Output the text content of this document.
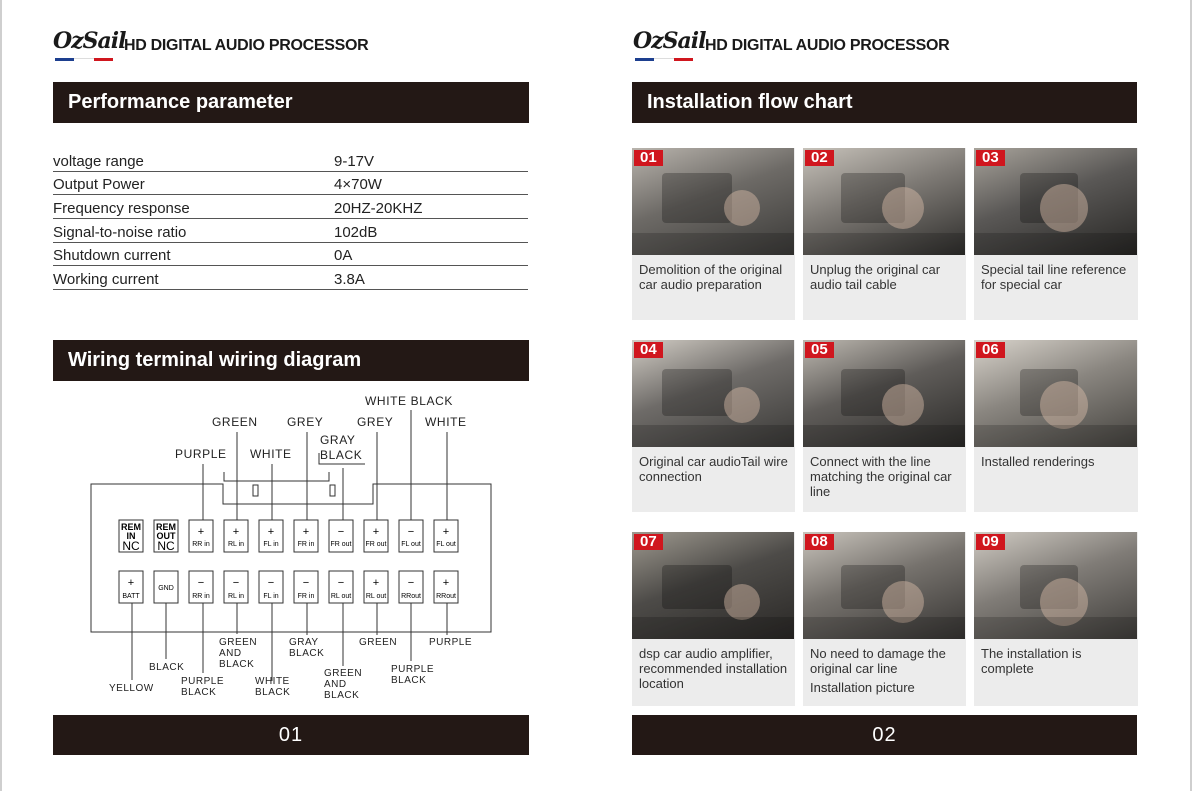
OzSail
HD DIGITAL AUDIO PROCESSOR
Performance parameter
voltage range	9-17V
Output Power	4×70W
Frequency response	20HZ-20KHZ
Signal-to-noise ratio	102dB
Shutdown current	0A
Working current	3.8A
Wiring terminal wiring diagram
PURPLE
GREEN
WHITE
GREY
GRAY BLACK
WHITE BLACK
GREY	WHITE
REM
IN
NC
REM
OUT
NC
+
RR in
+
RL in
+
FL in
+
FR in
−
FR out
+
FR out
−
FL out
+
FL out
+
BATT
GND −
RR in
−
RL in
−
FL in
−
FR in
−
RL out
+
RL out
−
RRout
+
RRout
YELLOW
BLACK
PURPLE BLACK
GREEN AND BLACK
WHITE BLACK
GRAY BLACK
GREEN AND BLACK
GREEN
PURPLE BLACK
PURPLE
01
OzSail HD DIGITAL AUDIO PROCESSOR
Installation flow chart
01
Demolition of the original car audio preparation
02
Unplug the original car audio tail cable
03
Special tail line reference for special car
04
Original car audioTail wire connection
05
Connect with the line matching the original car line
06
Installed renderings
07
dsp car audio amplifier, recommended installation location
08
No need to damage the original car line
Installation picture
09
The installation is complete
02
